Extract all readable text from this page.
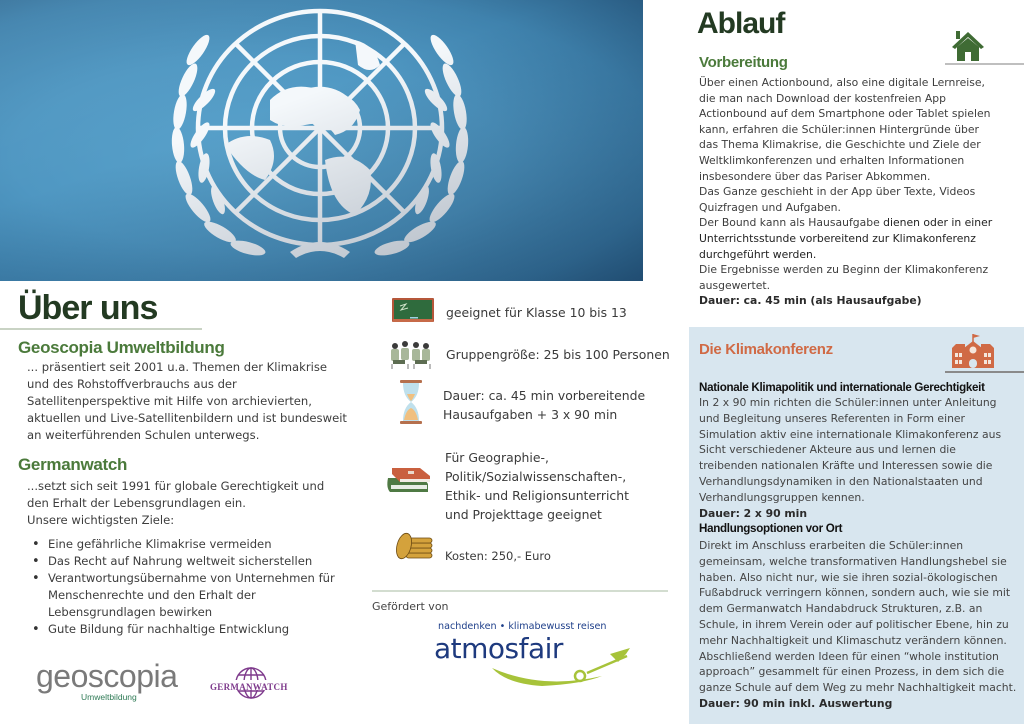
Über uns
Geoscopia Umweltbildung

... präsentiert seit 2001 u.a. Themen der Klimakrise und des Rohstoffverbrauchs aus der Satellitenperspektive mit Hilfe von archievierten, aktuellen und Live-Satellitenbildern und ist bundesweit an weiterführenden Schulen unterwegs.

Germanwatch
...setzt sich seit 1991 für globale Gerechtigkeit und den Erhalt der Lebensgrundlagen ein.
Unsere wichtigsten Ziele:
• Eine gefährliche Klimakrise vermeiden
• Das Recht auf Nahrung weltweit sicherstellen
• Verantwortungsübernahme von Unternehmen für Menschenrechte und den Erhalt der Lebensgrundlagen bewirken
• Gute Bildung für nachhaltige Entwicklung
geoscopia
Umweltbildung
GERMANWATCH
geeignet für Klasse 10 bis 13
Gruppengröße: 25 bis 100 Personen
Dauer: ca. 45 min vorbereitende
Hausaufgaben + 3 x 90 min
Für Geographie-,
Politik/Sozialwissenschaften-,
Ethik- und Religionsunterricht
und Projekttage geeignet
Kosten: 250,- Euro
Gefördert von
nachdenken • klimabewusst reisen
atmosfair
Ablauf
Vorbereitung
Über einen Actionbound, also eine digitale Lernreise, die man nach Download der kostenfreien App Actionbound auf dem Smartphone oder Tablet spielen kann, erfahren die Schüler:innen Hintergründe über das Thema Klimakrise, die Geschichte und Ziele der Weltklimkonferenzen und erhalten Informationen insbesondere über das Pariser Abkommen.
Das Ganze geschieht in der App über Texte, Videos Quizfragen und Aufgaben.
Der Bound kann als Hausaufgabe dienen oder in einer Unterrichtsstunde vorbereitend zur Klimakonferenz durchgeführt werden.
Die Ergebnisse werden zu Beginn der Klimakonferenz ausgewertet.
Dauer: ca. 45 min (als Hausaufgabe)
Die Klimakonferenz
Nationale Klimapolitik und internationale Gerechtigkeit
In 2 x 90 min richten die Schüler:innen unter Anleitung und Begleitung unseres Referenten in Form einer Simulation aktiv eine internationale Klimakonferenz aus Sicht verschiedener Akteure aus und lernen die treibenden nationalen Kräfte und Interessen sowie die Verhandlungsdynamiken in den Nationalstaaten und Verhandlungsgruppen kennen.
Dauer: 2 x 90 min
Handlungsoptionen vor Ort
Direkt im Anschluss erarbeiten die Schüler:innen gemeinsam, welche transformativen Handlungshebel sie haben. Also nicht nur, wie sie ihren sozial-ökologischen Fußabdruck verringern können, sondern auch, wie sie mit dem Germanwatch Handabdruck Strukturen, z.B. an Schule, in ihrem Verein oder auf politischer Ebene, hin zu mehr Nachhaltigkeit und Klimaschutz verändern können. Abschließend werden Ideen für einen “whole institution approach” gesammelt für einen Prozess, in dem sich die ganze Schule auf dem Weg zu mehr Nachhaltigkeit macht.
Dauer: 90 min inkl. Auswertung
